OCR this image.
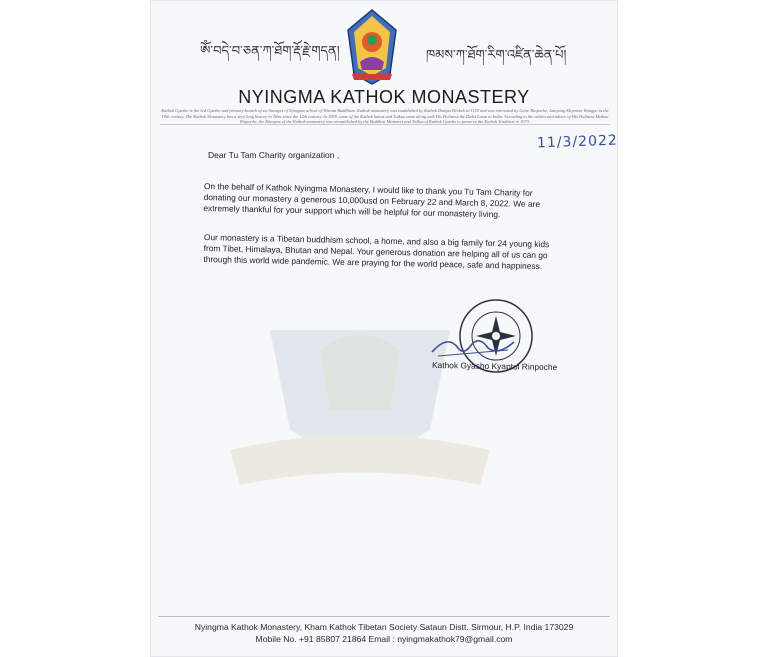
ཨོཾ་བདེ་བ་ཅན་ཀ་ཐོག་རྡོ་རྗེ་གདན།	ཁམས་ཀ་ཐོག་རིག་འཛིན་ཆེན་པོ།
NYINGMA KATHOK MONASTERY
Kathok Gyasho is the 3rd Gyasho and primary branch of six lineages of Nyingma school of Tibetan Buddhism. Kathok monastery was established by Kathok Dampa Deshek in 1159 and was renovated by Getse Rinpoche, Jamyang Khyentse Wangpo in the 19th century. The Kathok Monastery has a very long history in Tibet since the 12th century. In 1959, some of the Kathok lamas and Tulkus came along with His Holiness the Dalai Lama to India. According to the wishes and advice of His Holiness Moktsa Rinpoche, the Khenpos of the Kathok monastery was reestablished by the Buddhist Ministers and Tulkus of Kathok Gyasho to preserve the Kathok Tradition in 1973.
11/3/2022
Dear Tu Tam Charity organization ,
On the behalf of Kathok Nyingma Monastery, I would like to thank you Tu Tam Charity for donating our monastery a generous 10,000usd on February 22 and March 8, 2022. We are extremely thankful for your support which will be helpful for our monastery living.
Our monastery is a Tibetan buddhism school, a home, and also a big family for 24 young kids from Tibet, Himalaya, Bhutan and Nepal. Your generous donation are helping all of us can go through this world wide pandemic. We are praying for the world peace, safe and happiness.
Kathok Gyasho Kyaptul Rinpoche
Nyingma Kathok Monastery, Kham Kathok Tibetan Society Sataun Distt. Sirmour, H.P. India 173029
Mobile No. +91 85807 21864 Email : nyingmakathok79@gmail.com
